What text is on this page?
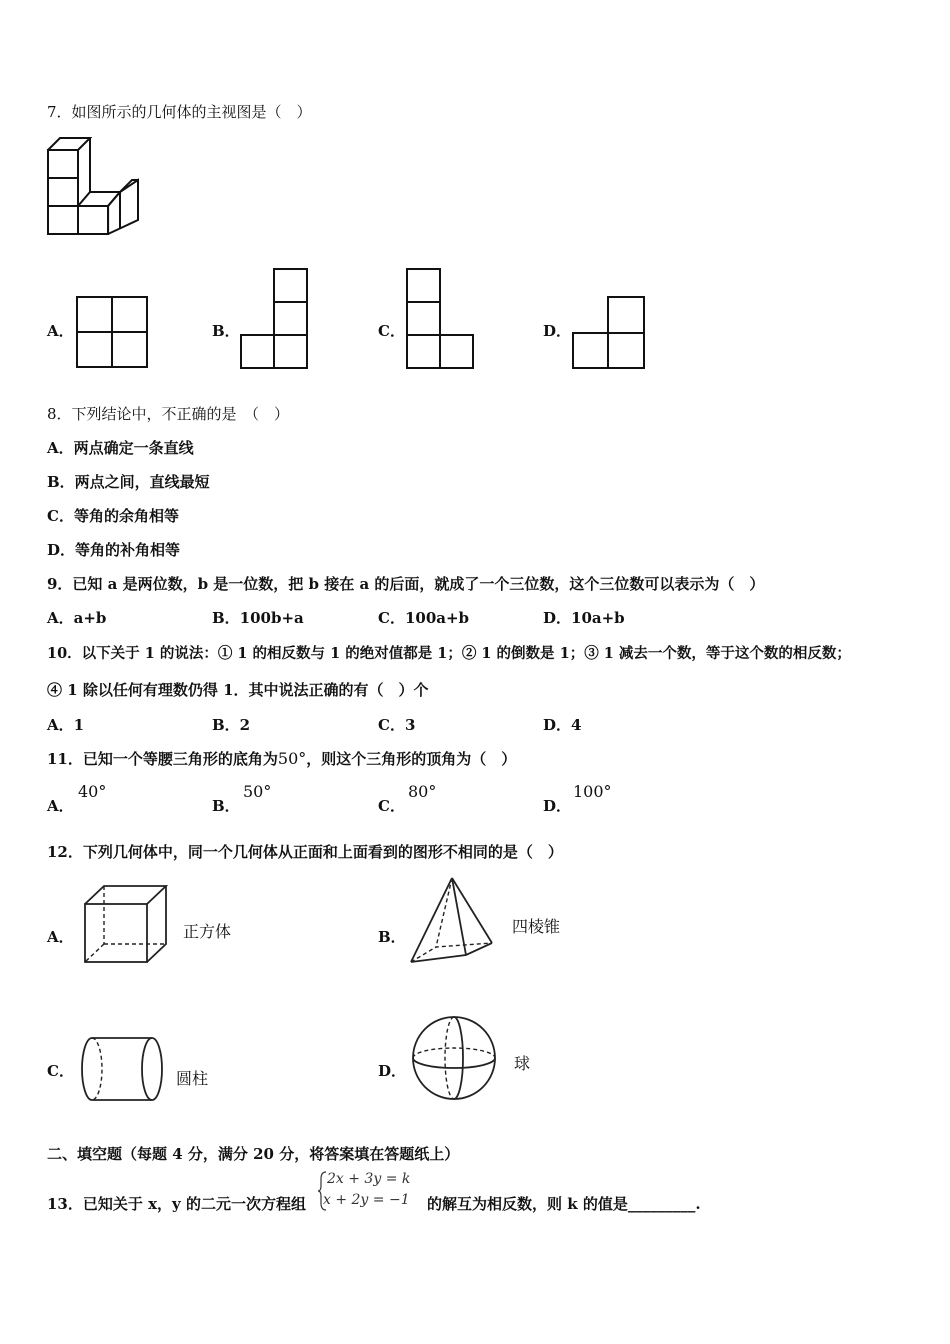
7．如图所示的几何体的主视图是（　）
A．	B．	C．	D．
8．下列结论中，不正确的是　（　）
A．两点确定一条直线
B．两点之间，直线最短
C．等角的余角相等
D．等角的补角相等
9．已知 a 是两位数，b 是一位数，把 b 接在 a 的后面，就成了一个三位数，这个三位数可以表示为（　）
A．a+b	B．100b+a	C．100a+b	D．10a+b
10．以下关于 1 的说法：① 1 的相反数与 1 的绝对值都是 1；② 1 的倒数是 1；③ 1 减去一个数，等于这个数的相反数；
④ 1 除以任何有理数仍得 1．其中说法正确的有（　）个
A．1	B．2	C．3	D．4
11．已知一个等腰三角形的底角为50°，则这个三角形的顶角为（　）
A．
40°
B．
50°
C．
80°
D．
100°
12．下列几何体中，同一个几何体从正面和上面看到的图形不相同的是（　）
A．	正方体	B．
四棱锥
C．	圆柱	D．	球
二、填空题（每题 4 分，满分 20 分，将答案填在答题纸上）
13．已知关于 x，y 的二元一次方程组
2x + 3y = k
x + 2y = −1 的解互为相反数，则 k 的值是_________.
